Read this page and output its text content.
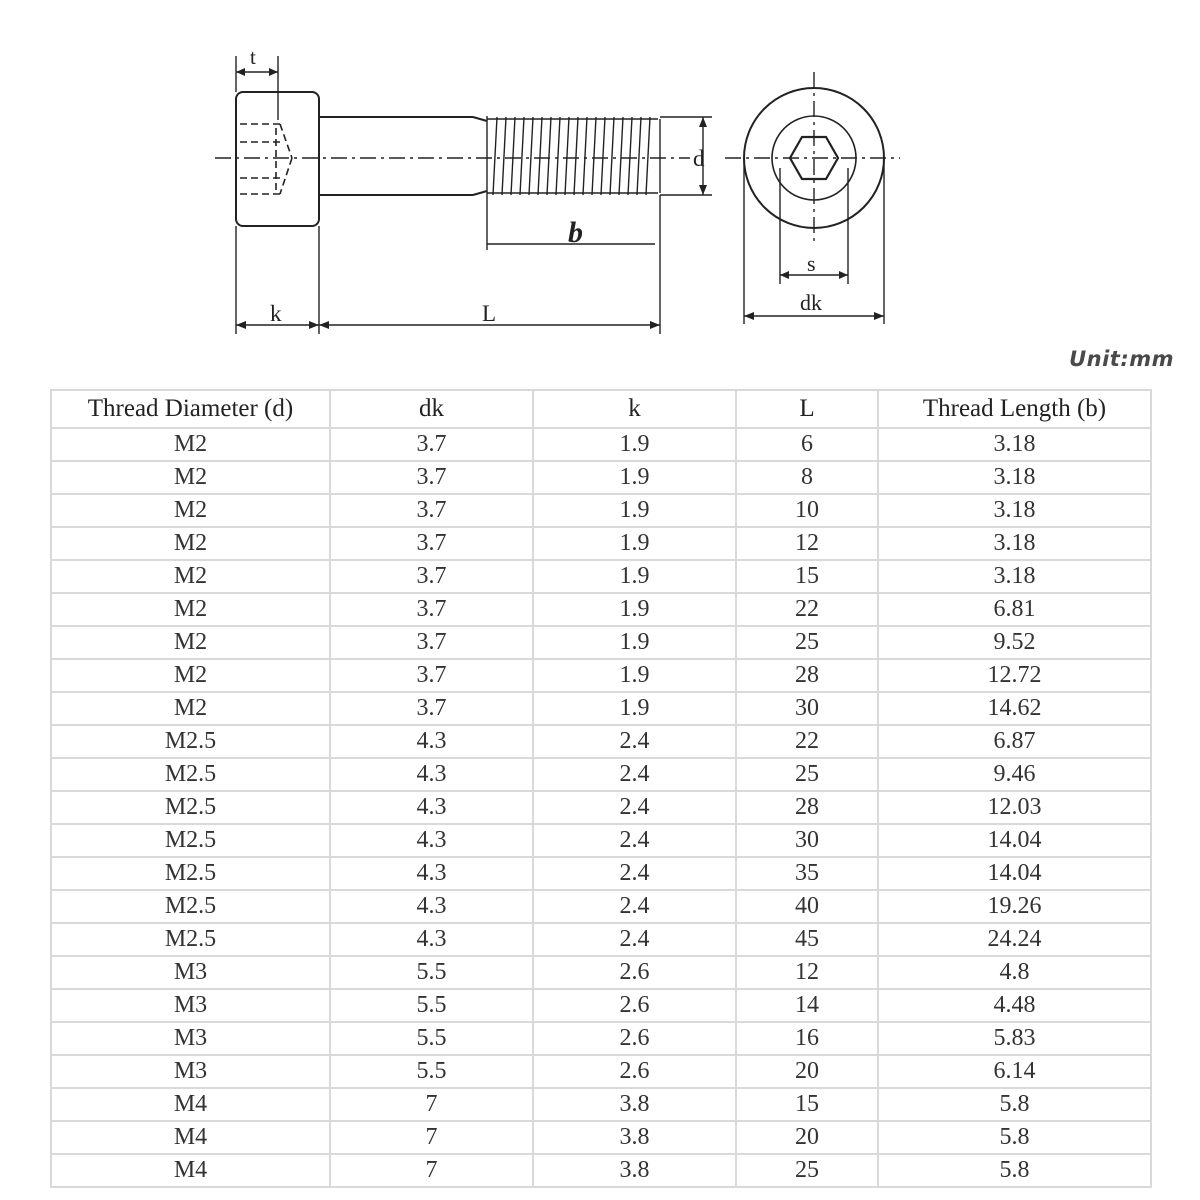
t
k	L
b
d
s
dk
Unit:mm
Thread Diameter (d)	dk	k	L	Thread Length (b)
M2	3.7	1.9	6	3.18
M2	3.7	1.9	8	3.18
M2	3.7	1.9	10	3.18
M2	3.7	1.9	12	3.18
M2	3.7	1.9	15	3.18
M2	3.7	1.9	22	6.81
M2	3.7	1.9	25	9.52
M2	3.7	1.9	28	12.72
M2	3.7	1.9	30	14.62
M2.5	4.3	2.4	22	6.87
M2.5	4.3	2.4	25	9.46
M2.5	4.3	2.4	28	12.03
M2.5	4.3	2.4	30	14.04
M2.5	4.3	2.4	35	14.04
M2.5	4.3	2.4	40	19.26
M2.5	4.3	2.4	45	24.24
M3	5.5	2.6	12	4.8
M3	5.5	2.6	14	4.48
M3	5.5	2.6	16	5.83
M3	5.5	2.6	20	6.14
M4	7	3.8	15	5.8
M4	7	3.8	20	5.8
M4	7	3.8	25	5.8
